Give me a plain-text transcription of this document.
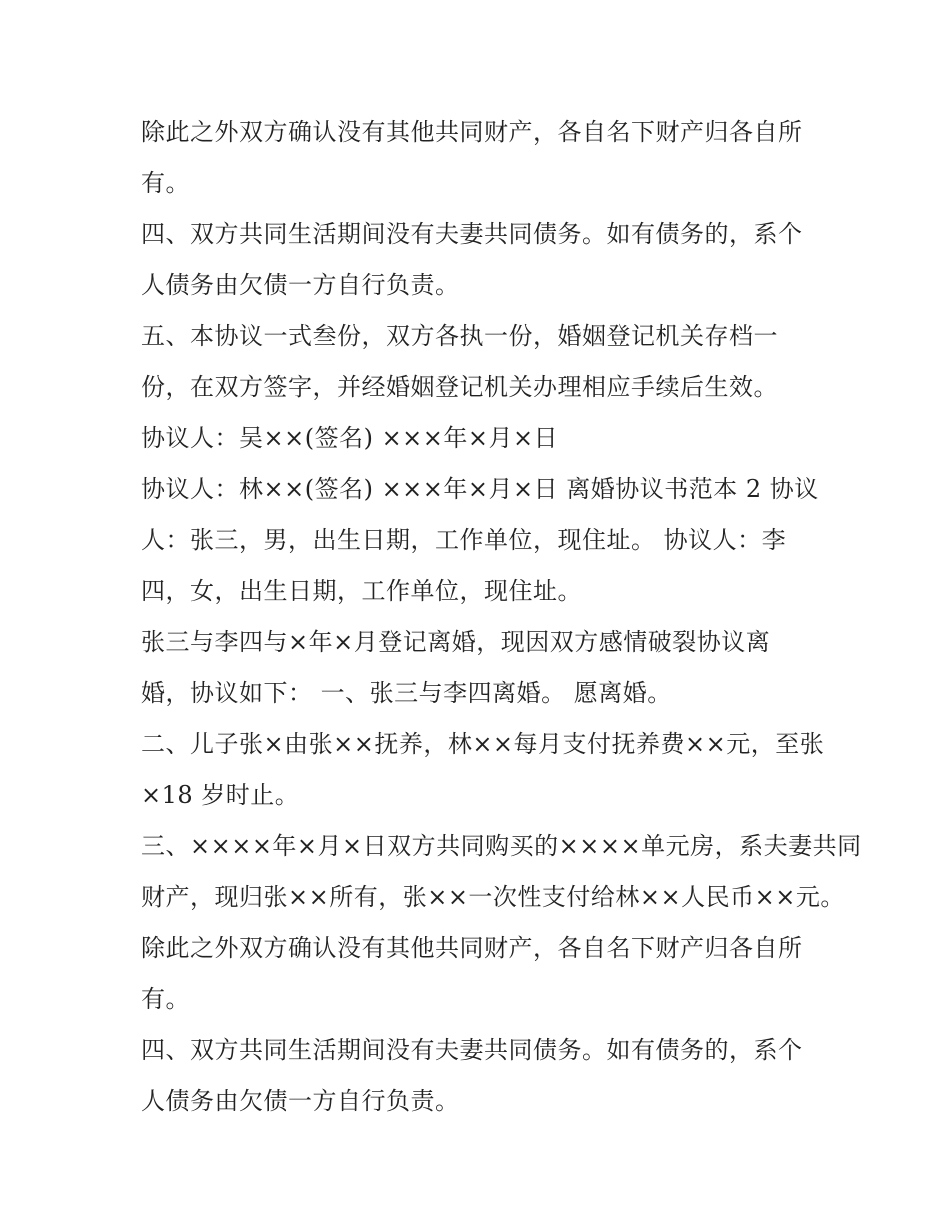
除此之外双方确认没有其他共同财产，各自名下财产归各自所
有。
四、双方共同生活期间没有夫妻共同债务。如有债务的，系个
人债务由欠债一方自行负责。
五、本协议一式叁份，双方各执一份，婚姻登记机关存档一
份，在双方签字，并经婚姻登记机关办理相应手续后生效。
协议人：吴××(签名) ×××年×月×日
协议人：林××(签名) ×××年×月×日 离婚协议书范本 2 协议
人：张三，男，出生日期，工作单位，现住址。 协议人：李
四，女，出生日期，工作单位，现住址。
张三与李四与×年×月登记离婚，现因双方感情破裂协议离
婚，协议如下： 一、张三与李四离婚。 愿离婚。
二、儿子张×由张××抚养，林××每月支付抚养费××元，至张
×18 岁时止。
三、××××年×月×日双方共同购买的××××单元房，系夫妻共同
财产，现归张××所有，张××一次性支付给林××人民币××元。
除此之外双方确认没有其他共同财产，各自名下财产归各自所
有。
四、双方共同生活期间没有夫妻共同债务。如有债务的，系个
人债务由欠债一方自行负责。
